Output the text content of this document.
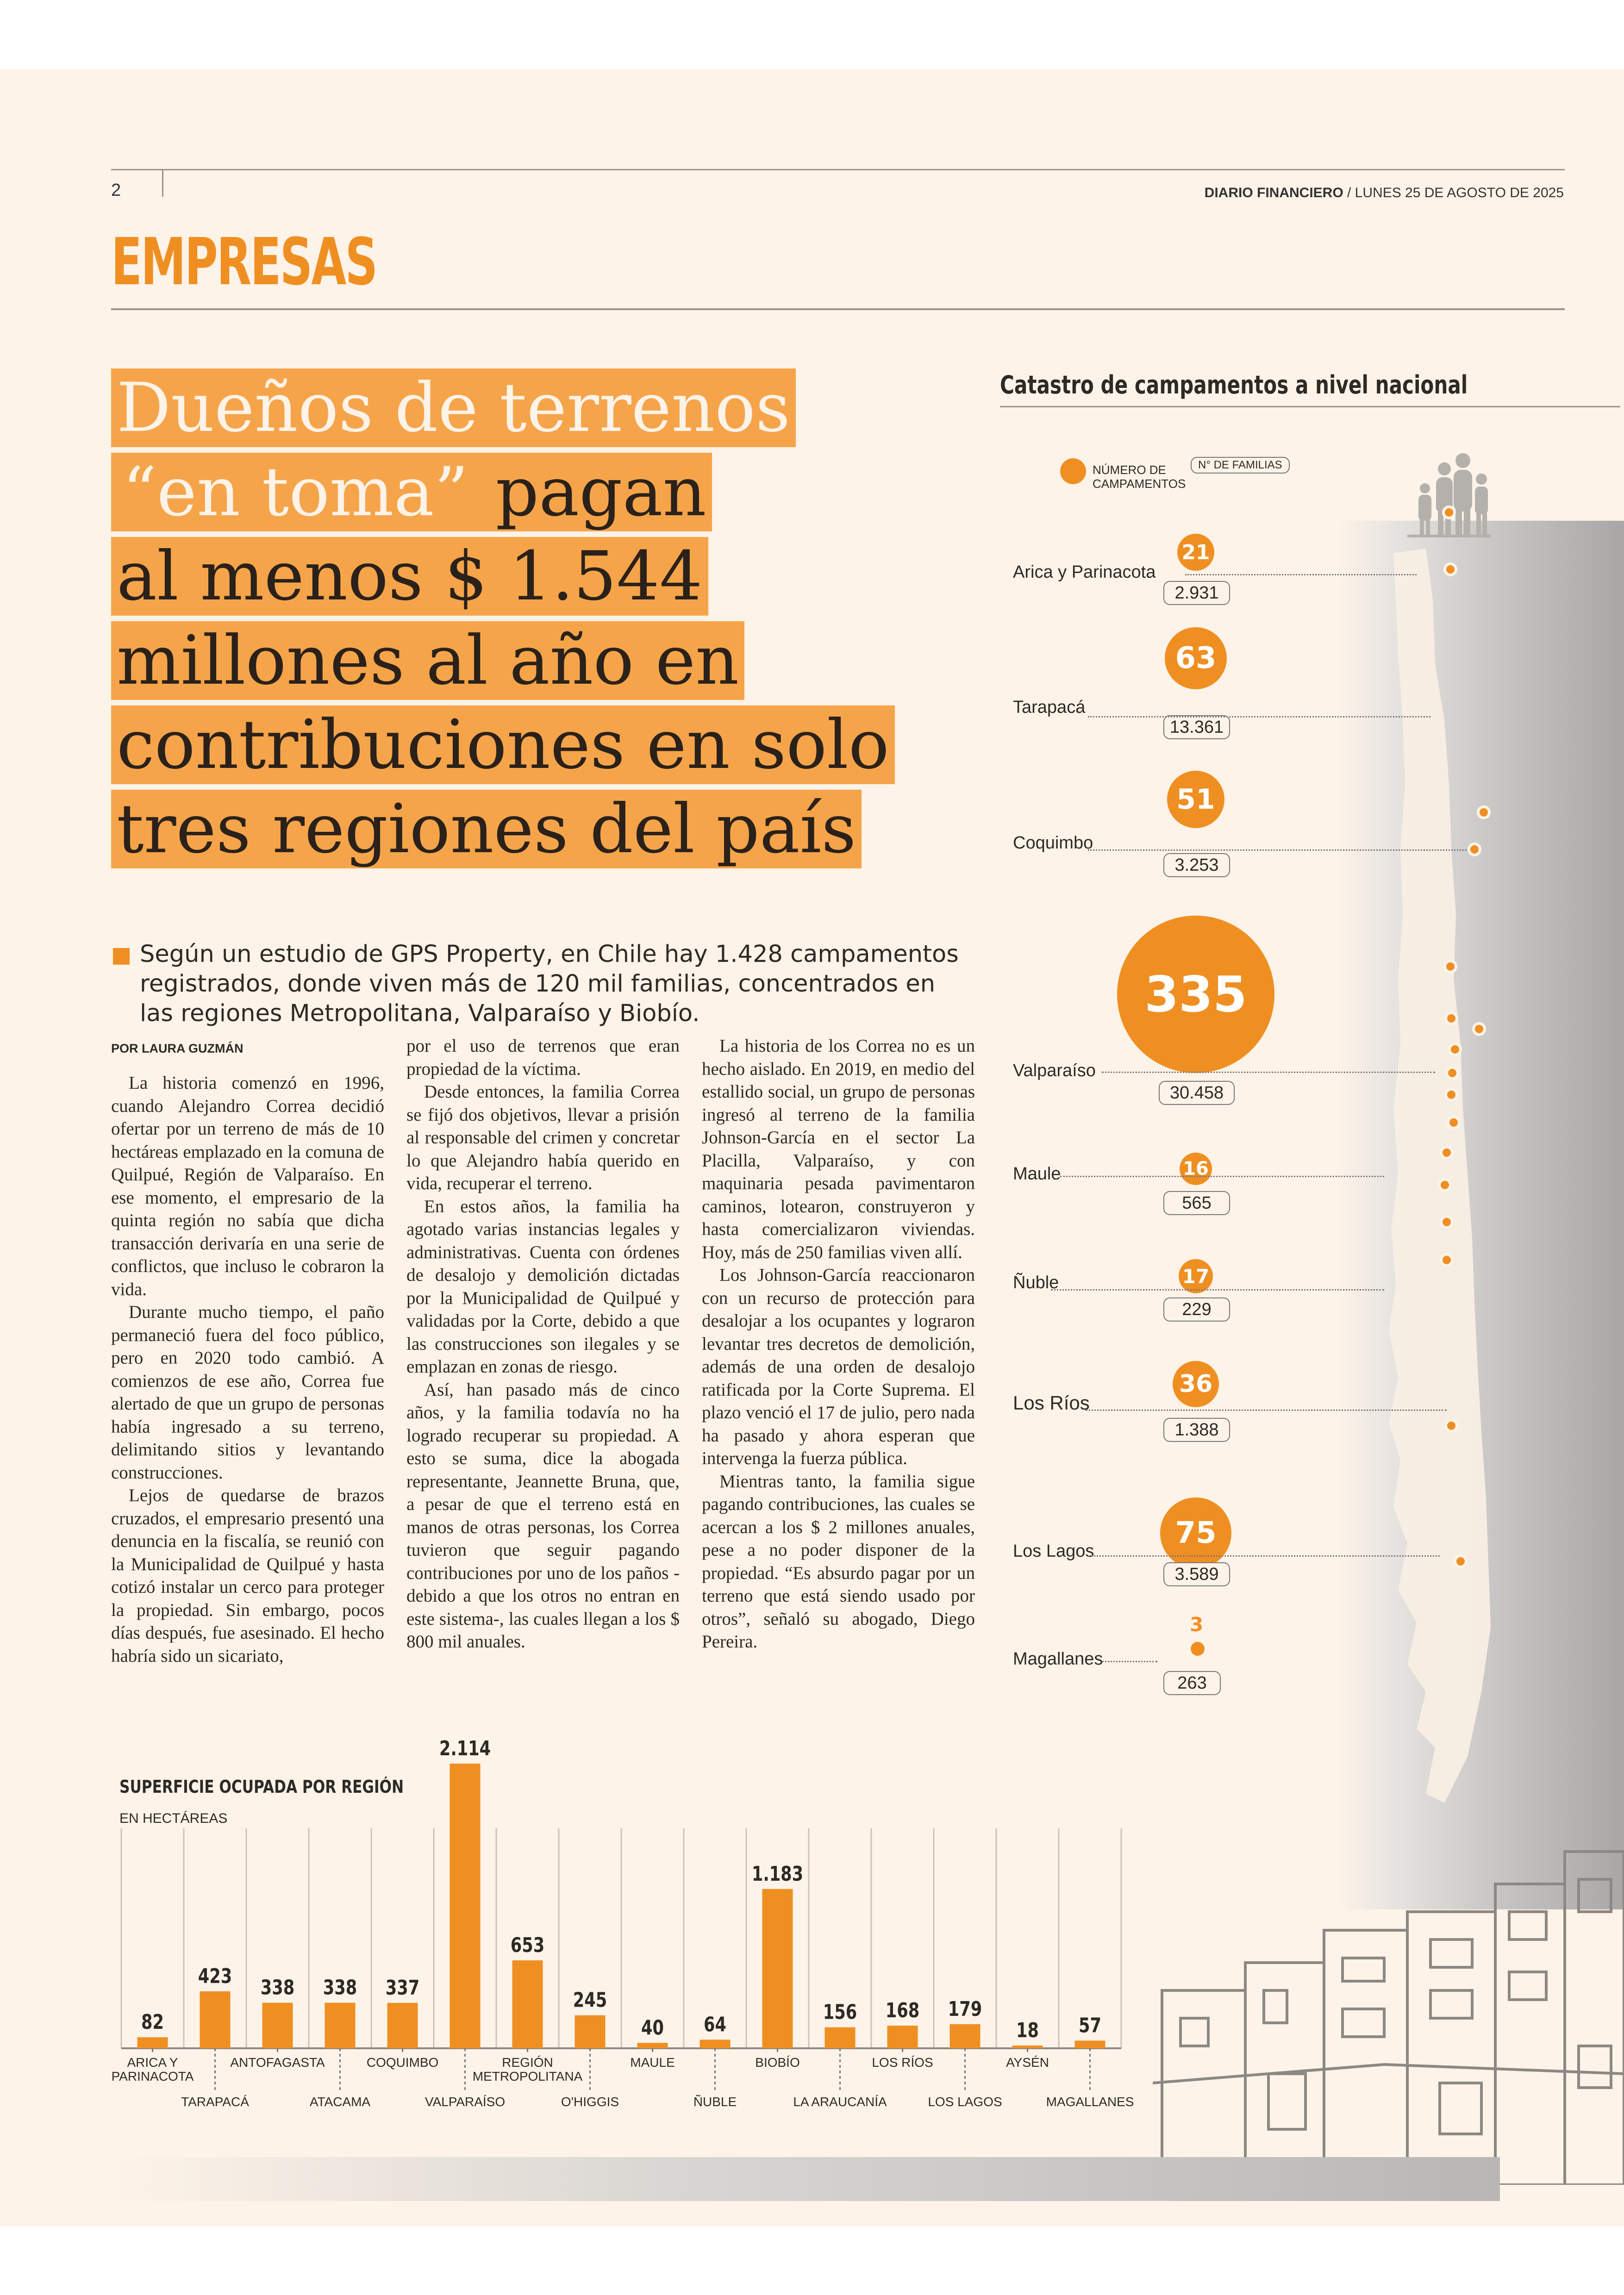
2	DIARIO FINANCIERO / LUNES 25 DE AGOSTO DE 2025
EMPRESAS
Dueños de terrenos
“en toma” pagan
al menos $ 1.544
millones al año en
contribuciones en solo
tres regiones del país
Según un estudio de GPS Property, en Chile hay 1.428 campamentos registrados, donde viven más de 120 mil familias, concentrados en las regiones Metropolitana, Valparaíso y Biobío.
POR LAURA GUZMÁN

La historia comenzó en 1996, cuando Alejandro Correa decidió ofertar por un terreno de más de 10 hectáreas emplazado en la comuna de Quilpué, Región de Valparaíso. En ese momento, el empresario de la quinta región no sabía que dicha transacción derivaría en una serie de conflictos, que incluso le cobraron la vida.

Durante mucho tiempo, el paño permaneció fuera del foco público, pero en 2020 todo cambió. A comienzos de ese año, Correa fue alertado de que un grupo de personas había ingresado a su terreno, delimitando sitios y levantando construcciones.

Lejos de quedarse de brazos cruzados, el empresario presentó una denuncia en la fiscalía, se reunió con la Municipalidad de Quilpué y hasta cotizó instalar un cerco para proteger la propiedad. Sin embargo, pocos días después, fue asesinado. El hecho habría sido un sicariato,

por el uso de terrenos que eran propiedad de la víctima.

Desde entonces, la familia Correa se fijó dos objetivos, llevar a prisión al responsable del crimen y concretar lo que Alejandro había querido en vida, recuperar el terreno.

En estos años, la familia ha agotado varias instancias legales y administrativas. Cuenta con órdenes de desalojo y demolición dictadas por la Municipalidad de Quilpué y validadas por la Corte, debido a que las construcciones son ilegales y se emplazan en zonas de riesgo.

Así, han pasado más de cinco años, y la familia todavía no ha logrado recuperar su propiedad. A esto se suma, dice la abogada representante, Jeannette Bruna, que, a pesar de que el terreno está en manos de otras personas, los Correa tuvieron que seguir pagando contribuciones por uno de los paños -debido a que los otros no entran en este sistema-, las cuales llegan a los $ 800 mil anuales.

La historia de los Correa no es un hecho aislado. En 2019, en medio del estallido social, un grupo de personas ingresó al terreno de la familia Johnson-García en el sector La Placilla, Valparaíso, y con maquinaria pesada pavimentaron caminos, lotearon, construyeron y hasta comercializaron viviendas. Hoy, más de 250 familias viven allí.

Los Johnson-García reaccionaron con un recurso de protección para desalojar a los ocupantes y lograron levantar tres decretos de demolición, además de una orden de desalojo ratificada por la Corte Suprema. El plazo venció el 17 de julio, pero nada ha pasado y ahora esperan que intervenga la fuerza pública.

Mientras tanto, la familia sigue pagando contribuciones, las cuales se acercan a los $ 2 millones anuales, pese a no poder disponer de la propiedad. “Es absurdo pagar por un terreno que está siendo usado por otros”, señaló su abogado, Diego Pereira.

Catastro de campamentos a nivel nacional
NÚMERO DE CAMPAMENTOS
N° DE FAMILIAS
21
Arica y Parinacota
2.931
63
Tarapacá
13.361
51
Coquimbo
3.253
335
Valparaíso
30.458
16
Maule
565
17
Ñuble
229
36
Los Ríos
1.388
75
Los Lagos
3.589
3
Magallanes
263
SUPERFICIE OCUPADA POR REGIÓN
EN HECTÁREAS
82
ARICA Y
PARINACOTA
423
TARAPACÁ
338
ANTOFAGASTA
338
ATACAMA
337
COQUIMBO
2.114
VALPARAÍSO
653
REGIÓN
METROPOLITANA
245
O'HIGGIS
40
MAULE
64
ÑUBLE
1.183
BIOBÍO
156
LA ARAUCANÍA
168
LOS RÍOS
179
LOS LAGOS
18
AYSÉN
57
MAGALLANES
